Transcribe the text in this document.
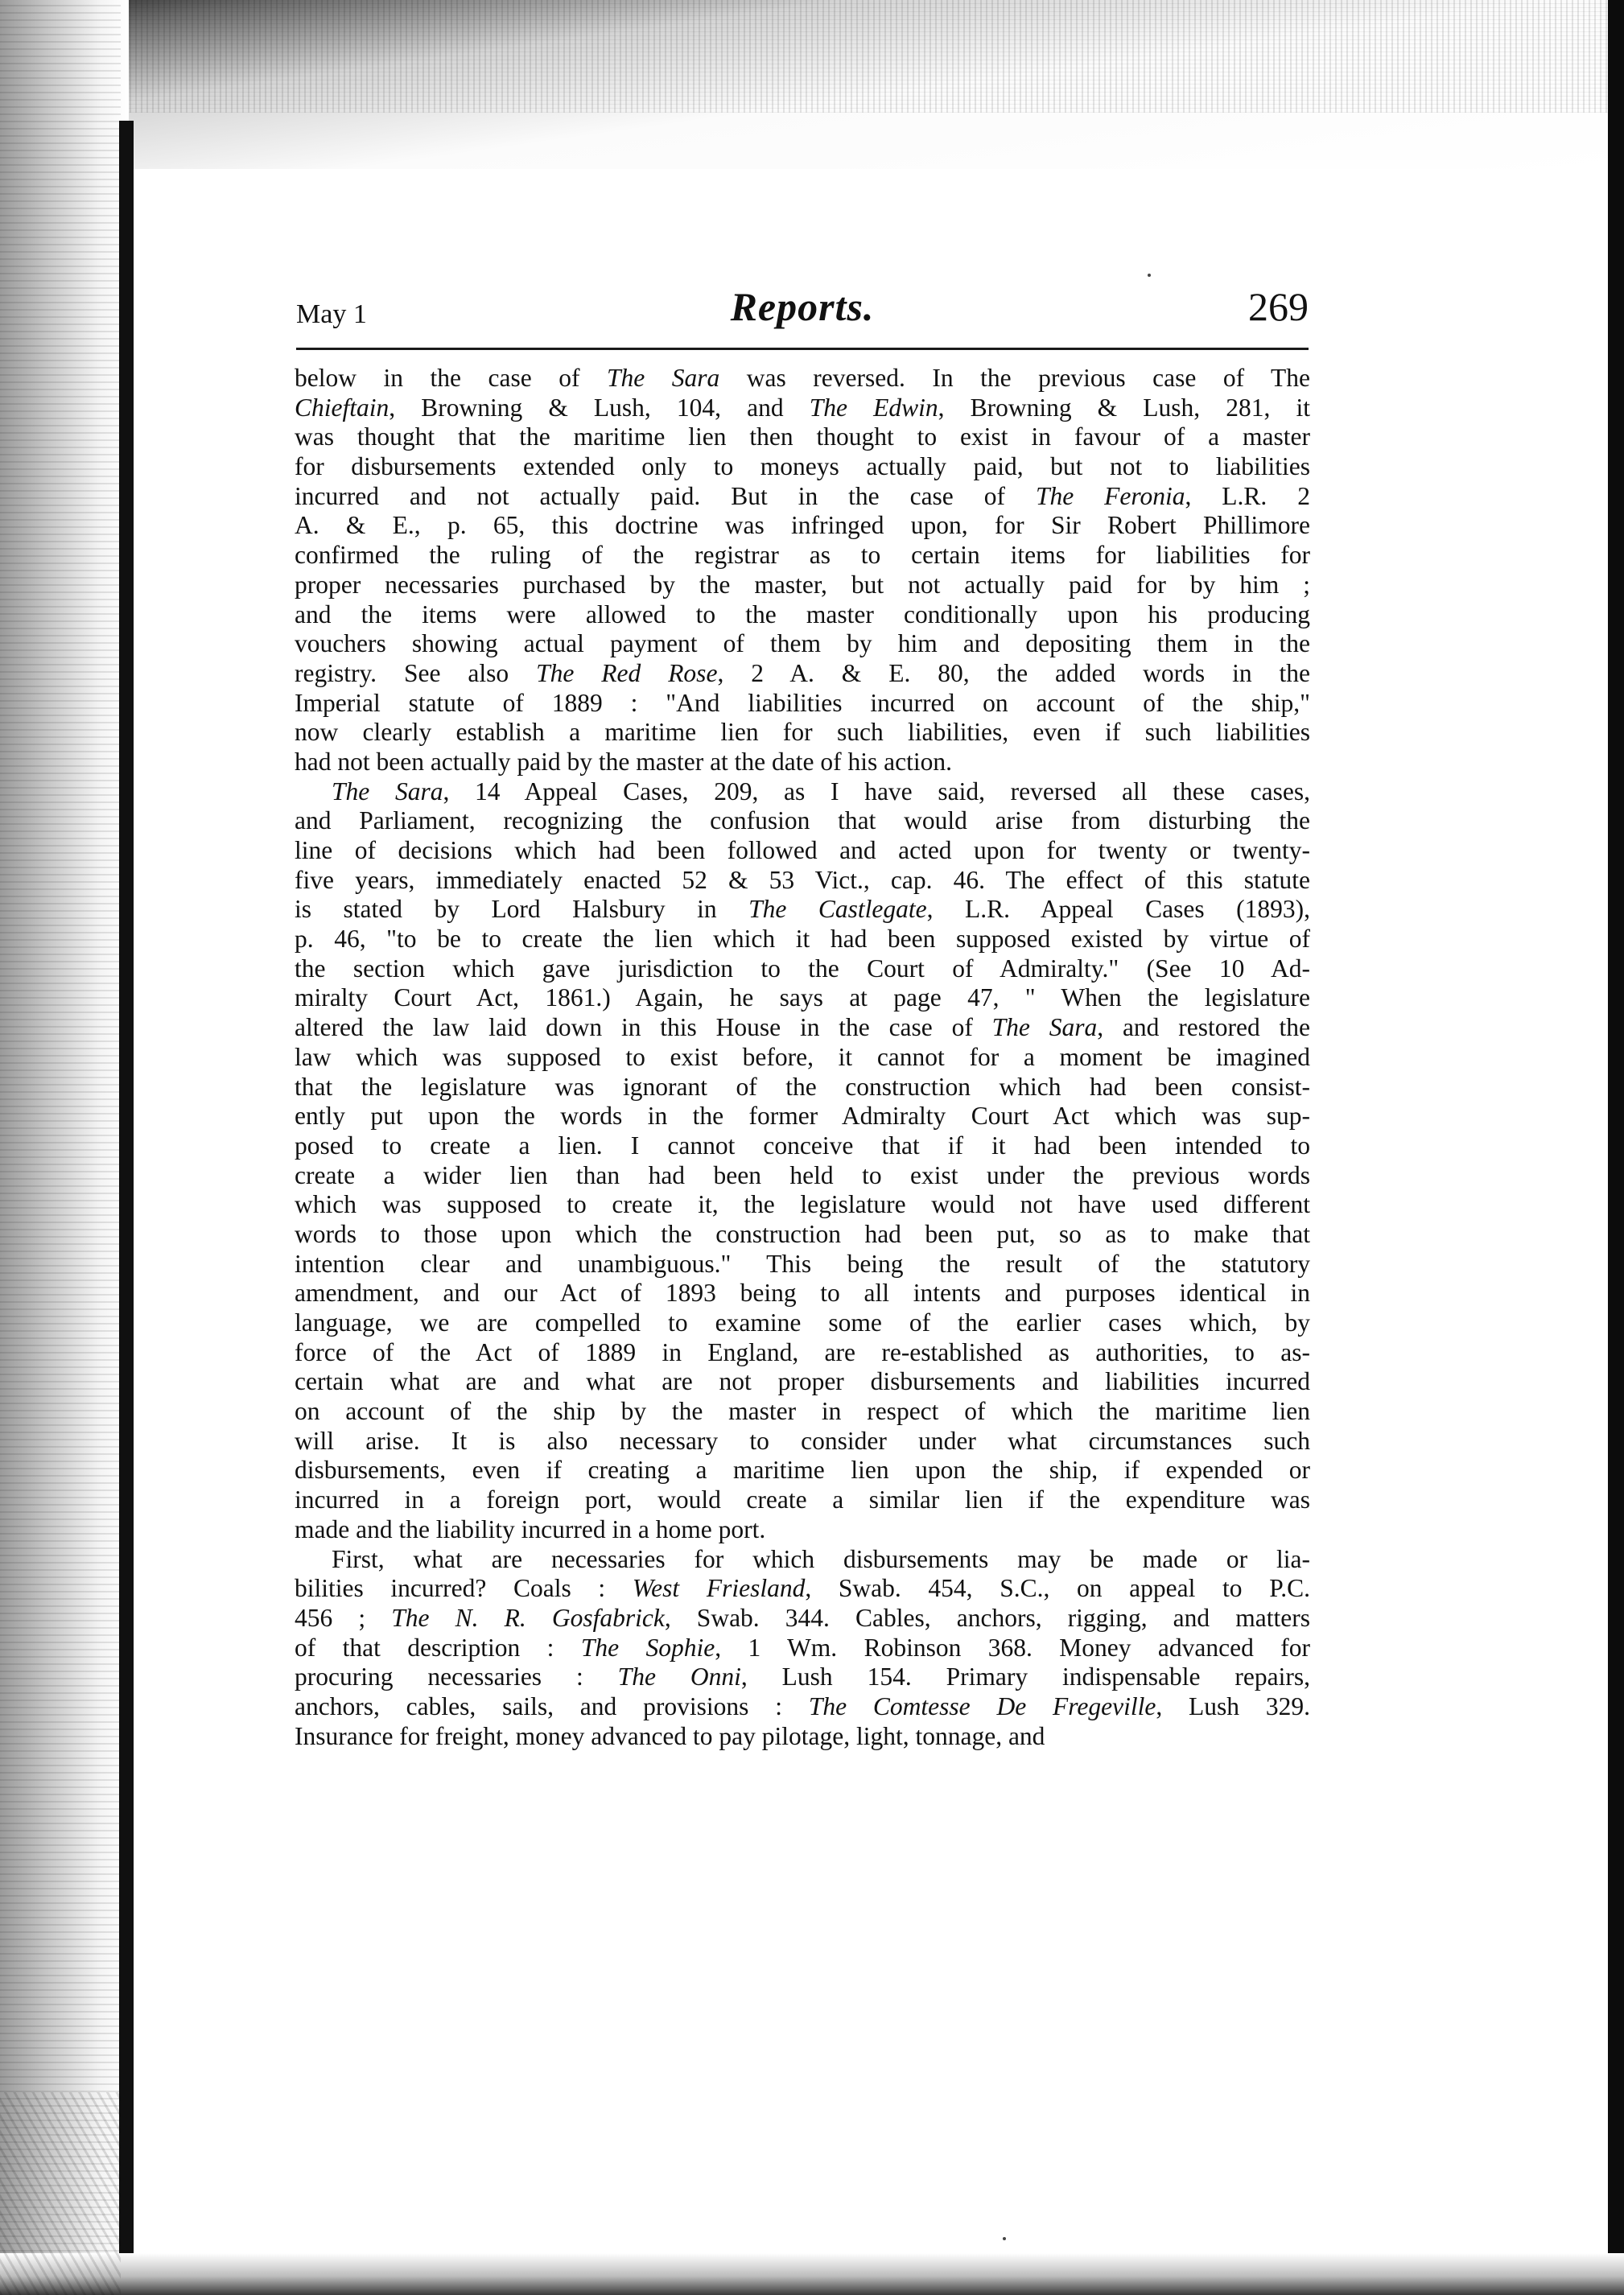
May 1	Reports.	269

below in the case of The Sara was reversed. In the previous case of The
Chieftain, Browning & Lush, 104, and The Edwin, Browning & Lush, 281, it
was thought that the maritime lien then thought to exist in favour of a master
for disbursements extended only to moneys actually paid, but not to liabilities
incurred and not actually paid. But in the case of The Feronia, L.R. 2
A. & E., p. 65, this doctrine was infringed upon, for Sir Robert Phillimore
confirmed the ruling of the registrar as to certain items for liabilities for
proper necessaries purchased by the master, but not actually paid for by him ;
and the items were allowed to the master conditionally upon his producing
vouchers showing actual payment of them by him and depositing them in the
registry. See also The Red Rose, 2 A. & E. 80, the added words in the
Imperial statute of 1889 : "And liabilities incurred on account of the ship,"
now clearly establish a maritime lien for such liabilities, even if such liabilities
had not been actually paid by the master at the date of his action.

The Sara, 14 Appeal Cases, 209, as I have said, reversed all these cases,
and Parliament, recognizing the confusion that would arise from disturbing the
line of decisions which had been followed and acted upon for twenty or twenty-
five years, immediately enacted 52 & 53 Vict., cap. 46. The effect of this statute
is stated by Lord Halsbury in The Castlegate, L.R. Appeal Cases (1893),
p. 46, "to be to create the lien which it had been supposed existed by virtue of
the section which gave jurisdiction to the Court of Admiralty." (See 10 Ad-
miralty Court Act, 1861.) Again, he says at page 47, " When the legislature
altered the law laid down in this House in the case of The Sara, and restored the
law which was supposed to exist before, it cannot for a moment be imagined
that the legislature was ignorant of the construction which had been consist-
ently put upon the words in the former Admiralty Court Act which was sup-
posed to create a lien. I cannot conceive that if it had been intended to
create a wider lien than had been held to exist under the previous words
which was supposed to create it, the legislature would not have used different
words to those upon which the construction had been put, so as to make that
intention clear and unambiguous." This being the result of the statutory
amendment, and our Act of 1893 being to all intents and purposes identical in
language, we are compelled to examine some of the earlier cases which, by
force of the Act of 1889 in England, are re-established as authorities, to as-
certain what are and what are not proper disbursements and liabilities incurred
on account of the ship by the master in respect of which the maritime lien
will arise. It is also necessary to consider under what circumstances such
disbursements, even if creating a maritime lien upon the ship, if expended or
incurred in a foreign port, would create a similar lien if the expenditure was
made and the liability incurred in a home port.

First, what are necessaries for which disbursements may be made or lia-
bilities incurred? Coals : West Friesland, Swab. 454, S.C., on appeal to P.C.
456 ; The N. R. Gosfabrick, Swab. 344. Cables, anchors, rigging, and matters
of that description : The Sophie, 1 Wm. Robinson 368. Money advanced for
procuring necessaries : The Onni, Lush 154. Primary indispensable repairs,
anchors, cables, sails, and provisions : The Comtesse De Fregeville, Lush 329.
Insurance for freight, money advanced to pay pilotage, light, tonnage, and
